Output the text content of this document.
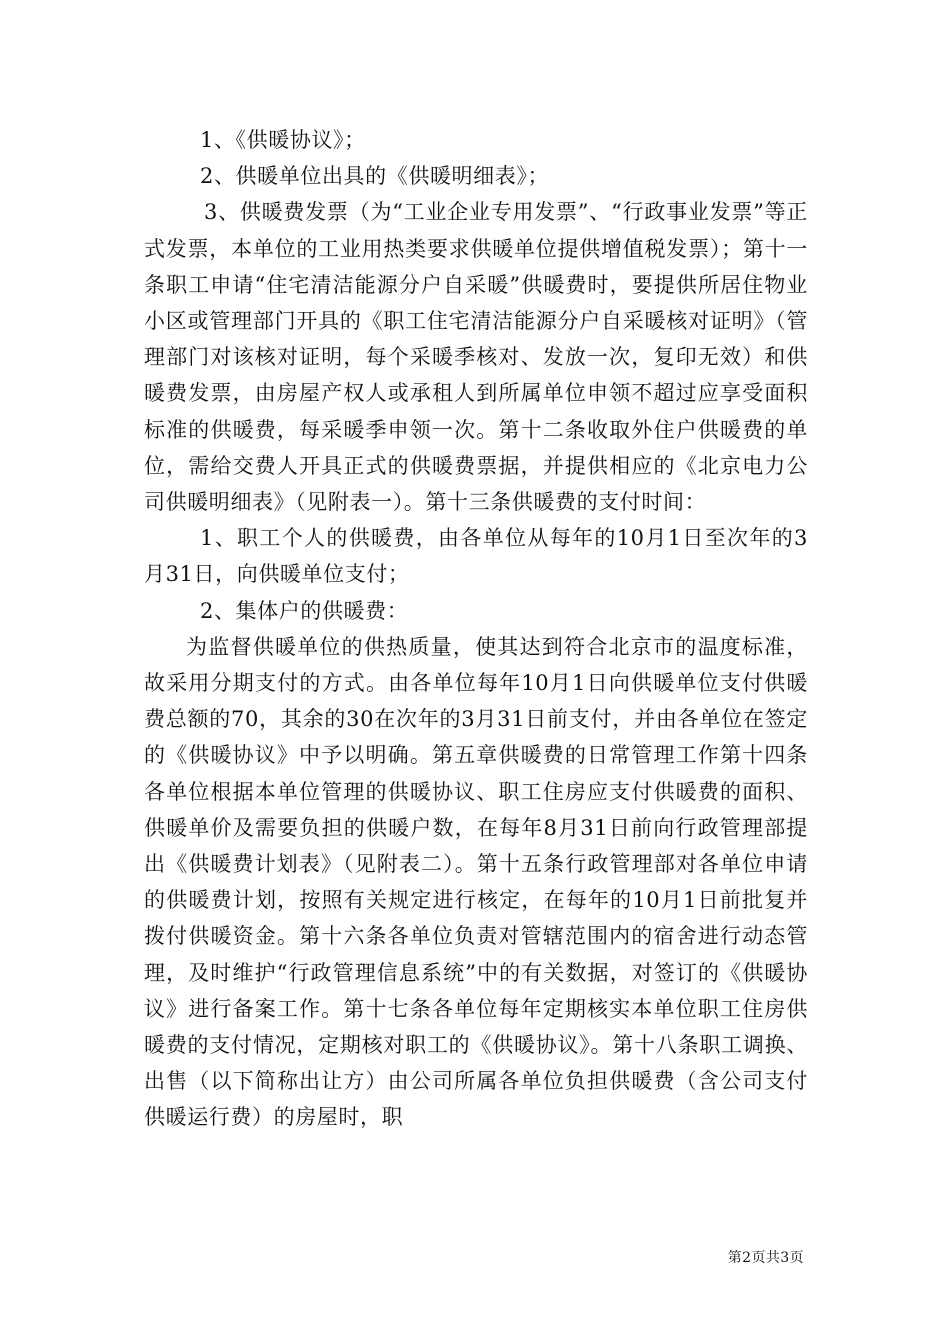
1、《供暖协议》；

2、供暖单位出具的《供暖明细表》；

3、供暖费发票（为“工业企业专用发票”、“行政事业发票”等正式发票，本单位的工业用热类要求供暖单位提供增值税发票）；第十一条职工申请“住宅清洁能源分户自采暖”供暖费时，要提供所居住物业小区或管理部门开具的《职工住宅清洁能源分户自采暖核对证明》（管理部门对该核对证明，每个采暖季核对、发放一次，复印无效）和供暖费发票，由房屋产权人或承租人到所属单位申领不超过应享受面积标准的供暖费，每采暖季申领一次。第十二条收取外住户供暖费的单位，需给交费人开具正式的供暖费票据，并提供相应的《北京电力公司供暖明细表》（见附表一）。第十三条供暖费的支付时间：

1、职工个人的供暖费，由各单位从每年的10月1日至次年的3月31日，向供暖单位支付；

2、集体户的供暖费：

为监督供暖单位的供热质量，使其达到符合北京市的温度标准，故采用分期支付的方式。由各单位每年10月1日向供暖单位支付供暖费总额的70，其余的30在次年的3月31日前支付，并由各单位在签定的《供暖协议》中予以明确。第五章供暖费的日常管理工作第十四条各单位根据本单位管理的供暖协议、职工住房应支付供暖费的面积、供暖单价及需要负担的供暖户数，在每年8月31日前向行政管理部提出《供暖费计划表》（见附表二）。第十五条行政管理部对各单位申请的供暖费计划，按照有关规定进行核定，在每年的10月1日前批复并拨付供暖资金。第十六条各单位负责对管辖范围内的宿舍进行动态管理，及时维护“行政管理信息系统”中的有关数据，对签订的《供暖协议》进行备案工作。第十七条各单位每年定期核实本单位职工住房供暖费的支付情况，定期核对职工的《供暖协议》。第十八条职工调换、出售（以下简称出让方）由公司所属各单位负担供暖费（含公司支付供暖运行费）的房屋时，职

第2页共3页
